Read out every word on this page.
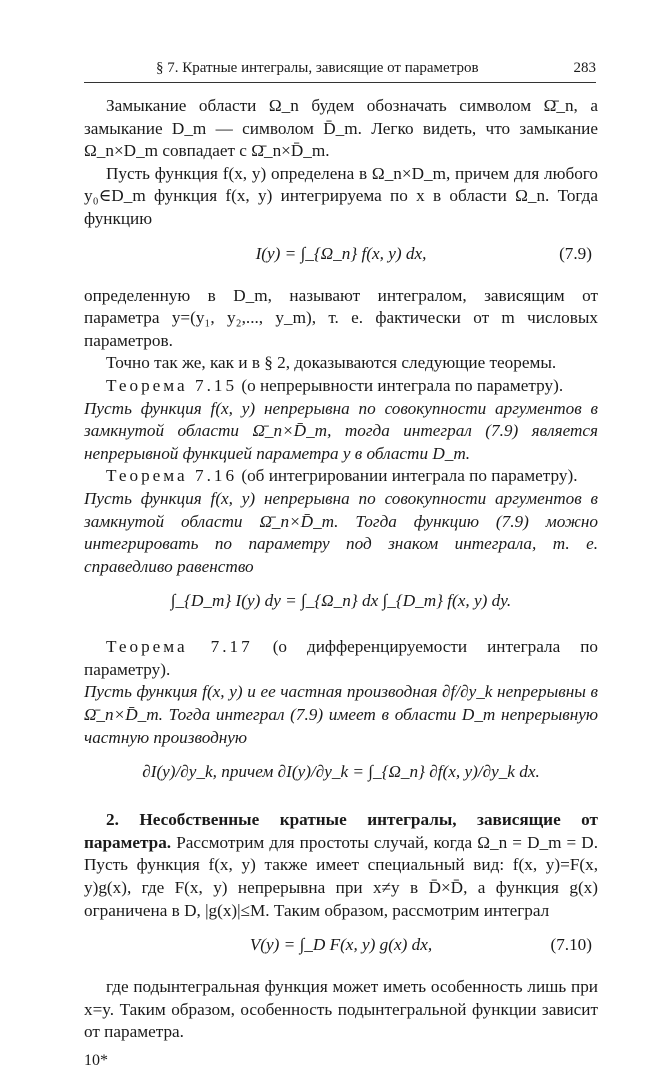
§ 7. Кратные интегралы, зависящие от параметров	283

Замыкание области Ω_n будем обозначать символом Ω̄_n, а замыкание D_m — символом D̄_m. Легко видеть, что замыкание Ω_n×D_m совпадает с Ω̄_n×D̄_m.

Пусть функция f(x, y) определена в Ω_n×D_m, причем для любого y₀∈D_m функция f(x, y) интегрируема по x в области Ω_n. Тогда функцию

I(y) = ∫_{Ω_n} f(x, y) dx,	(7.9)

определенную в D_m, называют интегралом, зависящим от параметра y=(y₁, y₂,..., y_m), т. е. фактически от m числовых параметров.

Точно так же, как и в § 2, доказываются следующие теоремы.

Теорема 7.15 (о непрерывности интеграла по параметру).

Пусть функция f(x, y) непрерывна по совокупности аргументов в замкнутой области Ω̄_n×D̄_m, тогда интеграл (7.9) является непрерывной функцией параметра y в области D_m.

Теорема 7.16 (об интегрировании интеграла по параметру).

Пусть функция f(x, y) непрерывна по совокупности аргументов в замкнутой области Ω̄_n×D̄_m. Тогда функцию (7.9) можно интегрировать по параметру под знаком интеграла, т. е. справедливо равенство

∫_{D_m} I(y) dy = ∫_{Ω_n} dx ∫_{D_m} f(x, y) dy.

Теорема 7.17 (о дифференцируемости интеграла по параметру).

Пусть функция f(x, y) и ее частная производная ∂f/∂y_k непрерывны в Ω̄_n×D̄_m. Тогда интеграл (7.9) имеет в области D_m непрерывную частную производную

∂I(y)/∂y_k, причем ∂I(y)/∂y_k = ∫_{Ω_n} ∂f(x, y)/∂y_k dx.

2. Несобственные кратные интегралы, зависящие от параметра. Рассмотрим для простоты случай, когда Ω_n = D_m = D. Пусть функция f(x, y) также имеет специальный вид: f(x, y)=F(x, y)g(x), где F(x, y) непрерывна при x≠y в D̄×D̄, а функция g(x) ограничена в D, |g(x)|≤M. Таким образом, рассмотрим интеграл

V(y) = ∫_D F(x, y) g(x) dx,	(7.10)

где подынтегральная функция может иметь особенность лишь при x=y. Таким образом, особенность подынтегральной функции зависит от параметра.

10*
